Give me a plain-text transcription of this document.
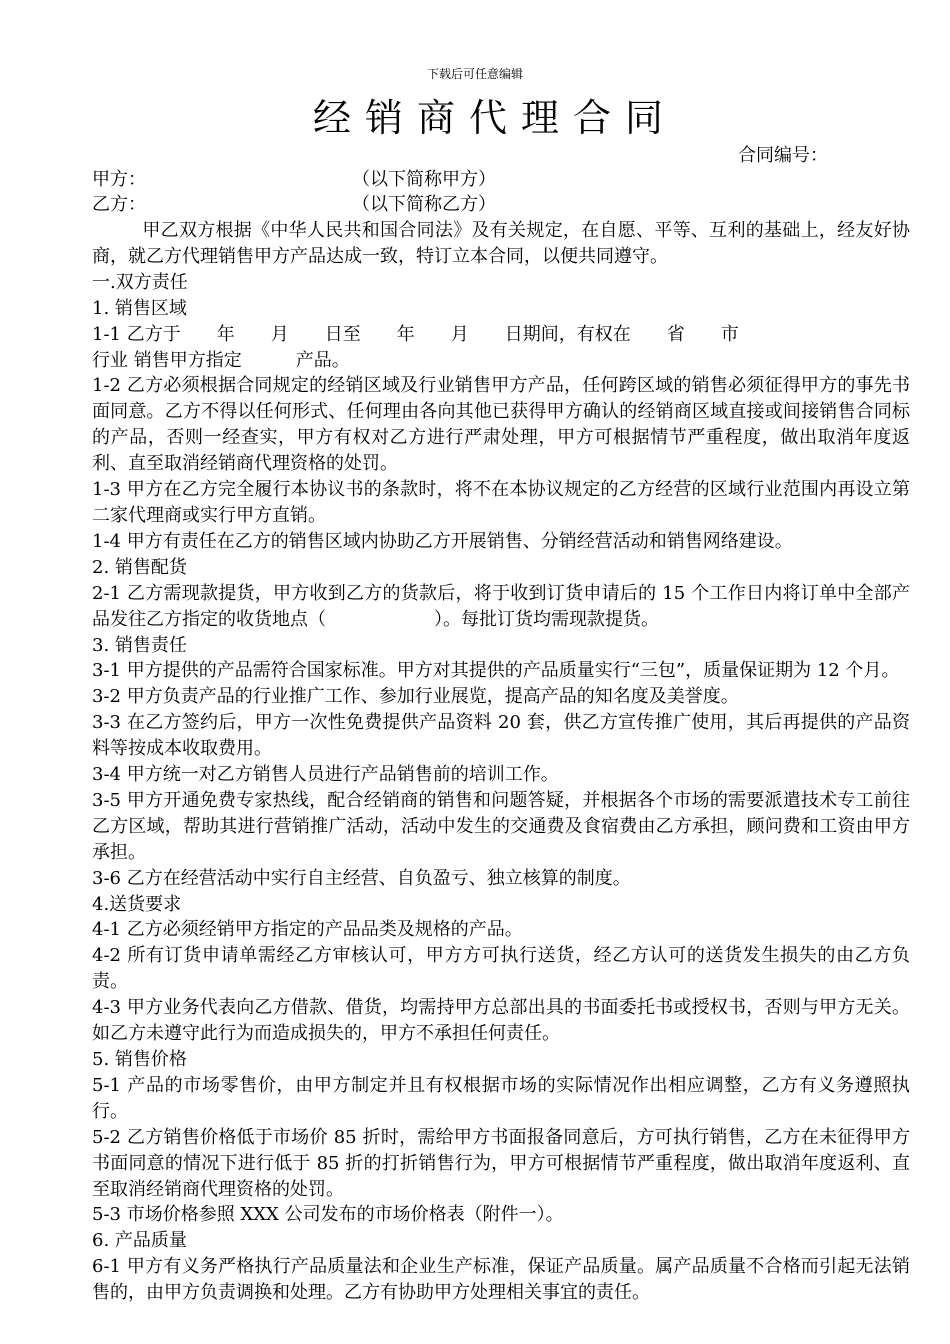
下载后可任意编辑
经销商代理合同
合同编号：
甲方：	（以下简称甲方）
乙方：	（以下简称乙方）

甲乙双方根据《中华人民共和国合同法》及有关规定，在自愿、平等、互利的基础上，经友好协商，就乙方代理销售甲方产品达成一致，特订立本合同，以便共同遵守。

一.双方责任

1. 销售区域

1-1 乙方于　　年　　月　　日至　　年　　月　　日期间，有权在　　省　　市

行业 销售甲方指定　　　产品。

1-2 乙方必须根据合同规定的经销区域及行业销售甲方产品，任何跨区域的销售必须征得甲方的事先书面同意。乙方不得以任何形式、任何理由各向其他已获得甲方确认的经销商区域直接或间接销售合同标的产品，否则一经查实，甲方有权对乙方进行严肃处理，甲方可根据情节严重程度，做出取消年度返利、直至取消经销商代理资格的处罚。

1-3 甲方在乙方完全履行本协议书的条款时，将不在本协议规定的乙方经营的区域行业范围内再设立第二家代理商或实行甲方直销。

1-4 甲方有责任在乙方的销售区域内协助乙方开展销售、分销经营活动和销售网络建设。

2. 销售配货

2-1 乙方需现款提货，甲方收到乙方的货款后，将于收到订货申请后的 15 个工作日内将订单中全部产品发往乙方指定的收货地点（　　　　　　）。每批订货均需现款提货。

3. 销售责任

3-1 甲方提供的产品需符合国家标准。甲方对其提供的产品质量实行“三包”，质量保证期为 12 个月。

3-2 甲方负责产品的行业推广工作、参加行业展览，提高产品的知名度及美誉度。

3-3 在乙方签约后，甲方一次性免费提供产品资料 20 套，供乙方宣传推广使用，其后再提供的产品资料等按成本收取费用。

3-4 甲方统一对乙方销售人员进行产品销售前的培训工作。

3-5 甲方开通免费专家热线，配合经销商的销售和问题答疑，并根据各个市场的需要派遣技术专工前往乙方区域，帮助其进行营销推广活动，活动中发生的交通费及食宿费由乙方承担，顾问费和工资由甲方承担。

3-6 乙方在经营活动中实行自主经营、自负盈亏、独立核算的制度。

4.送货要求

4-1 乙方必须经销甲方指定的产品品类及规格的产品。

4-2 所有订货申请单需经乙方审核认可，甲方方可执行送货，经乙方认可的送货发生损失的由乙方负责。

4-3 甲方业务代表向乙方借款、借货，均需持甲方总部出具的书面委托书或授权书，否则与甲方无关。如乙方未遵守此行为而造成损失的，甲方不承担任何责任。

5. 销售价格

5-1 产品的市场零售价，由甲方制定并且有权根据市场的实际情况作出相应调整，乙方有义务遵照执行。

5-2 乙方销售价格低于市场价 85 折时，需给甲方书面报备同意后，方可执行销售，乙方在未征得甲方书面同意的情况下进行低于 85 折的打折销售行为，甲方可根据情节严重程度，做出取消年度返利、直至取消经销商代理资格的处罚。

5-3 市场价格参照 XXX 公司发布的市场价格表（附件一）。

6. 产品质量

6-1 甲方有义务严格执行产品质量法和企业生产标准，保证产品质量。属产品质量不合格而引起无法销售的，由甲方负责调换和处理。乙方有协助甲方处理相关事宜的责任。
